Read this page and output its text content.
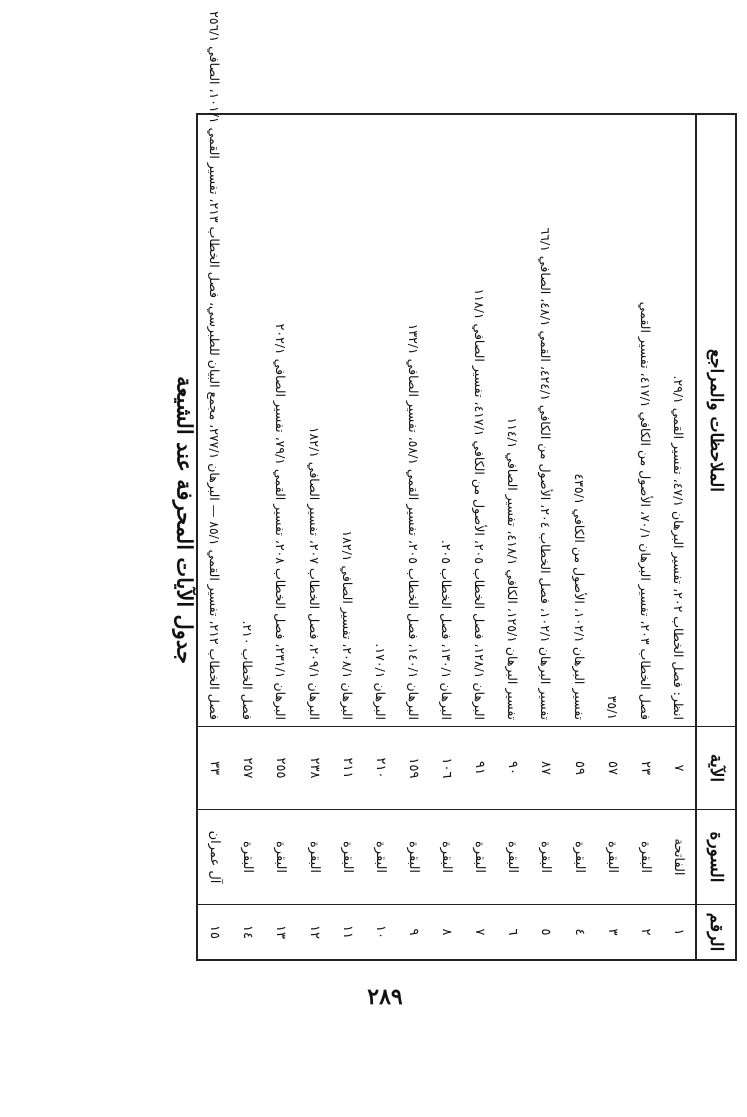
جدول الآيات المحرفة عند الشيعة
الرقم	السورة	الآية	الملاحظات والمراجع
١	الفاتحة	٧	انظر: فصل الخطاب ٢٠٢، تفسير البرهان ٤٧/١، تفسير القمي ٢٩/١.
٢	البقرة	٢٣	فصل الخطاب ٢٠٣، تفسير البرهان ٧٠/١، الأصول من الكافي ٤١٧/١، تفسير القمي
٣	البقرة	٥٧	٣٥/١
٤	البقرة	٥٩	تفسير البرهان ١٠٢/١، الأصول من الكافي ٤٣٥/١
٥	البقرة	٨٧	تفسير البرهان ١٠٢/١، فصل الخطاب ٢٠٤، الأصول من الكافي ٤٢٤/١، القمي ٤٨/١، الصافي ٦٦/١
٦	البقرة	٩٠	تفسير البرهان ١٢٥/١، الكافي ٤١٨/١، تفسير الصافي ١١٤/١
٧	البقرة	٩١	البرهان ١٢٨/١، فصل الخطاب ٢٠٥، الأصول من الكافي ٤١٧/١، تفسير الصافي ١١٨/١
٨	البقرة	١٠٦	البرهان ١٣٠/١، فصل الخطاب ٢٠٥.
٩	البقرة	١٥٩	البرهان ١٤٠/١، فصل الخطاب ٢٠٥، تفسير القمي ٥٨/١، تفسير الصافي ١٣٢/١
١٠	البقرة	٢١٠	البرهان ١٧٠/١.
١١	البقرة	٢١١	البرهان ٢٠٨/١، تفسير الصافي ١٨٢/١
١٢	البقرة	٢٣٨	البرهان ٢٠٩/١، فصل الخطاب ٢٠٧، تفسير الصافي ١٨٢/١
١٣	البقرة	٢٥٥	البرهان ٢٣١/١، فصل الخطاب ٢٠٨، تفسير القمي ٧٩/١، تفسير الصافي ٢٠٢/١
١٤	البقرة	٢٥٧	فصل الخطاب ٢١٠.
١٥	آل عمران	٣٣	فصل الخطاب ٢١٢، تفسير القمي ٨٥/١ — البرهان ٢٧٧/١، مجمع البيان للطبرسي، فصل الخطاب ٢١٣، تفسير القمي ١٠١/١، الصافي ٢٥٦/١
٢٨٩
